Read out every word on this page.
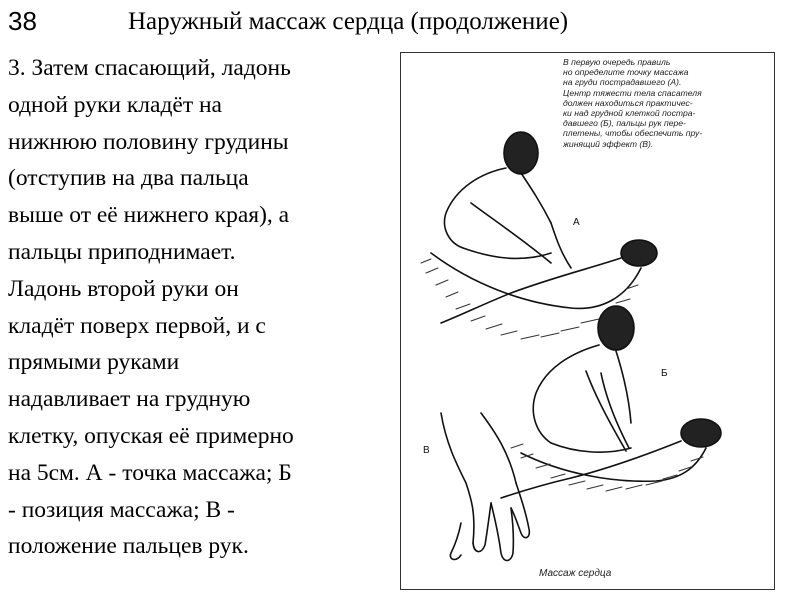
38	Наружный массаж сердца (продолжение)
3. Затем спасающий, ладонь
одной руки кладёт на
нижнюю половину грудины
(отступив на два пальца
выше от её нижнего края), а
пальцы приподнимает.
Ладонь второй руки он
кладёт поверх первой, и с
прямыми руками
надавливает на грудную
клетку, опуская её примерно
на 5см. А - точка массажа; Б
- позиция массажа; В -
положение пальцев рук.
В первую очередь правиль
но определите точку массажа
на груди пострадавшего (А).
Центр тяжести тела спасателя
должен находиться практичес-
ки над грудной клеткой постра-
давшего (Б), пальцы рук пере-
плетены, чтобы обеспечить пру-
жинящий эффект (В).
А
Б
В
Массаж сердца
